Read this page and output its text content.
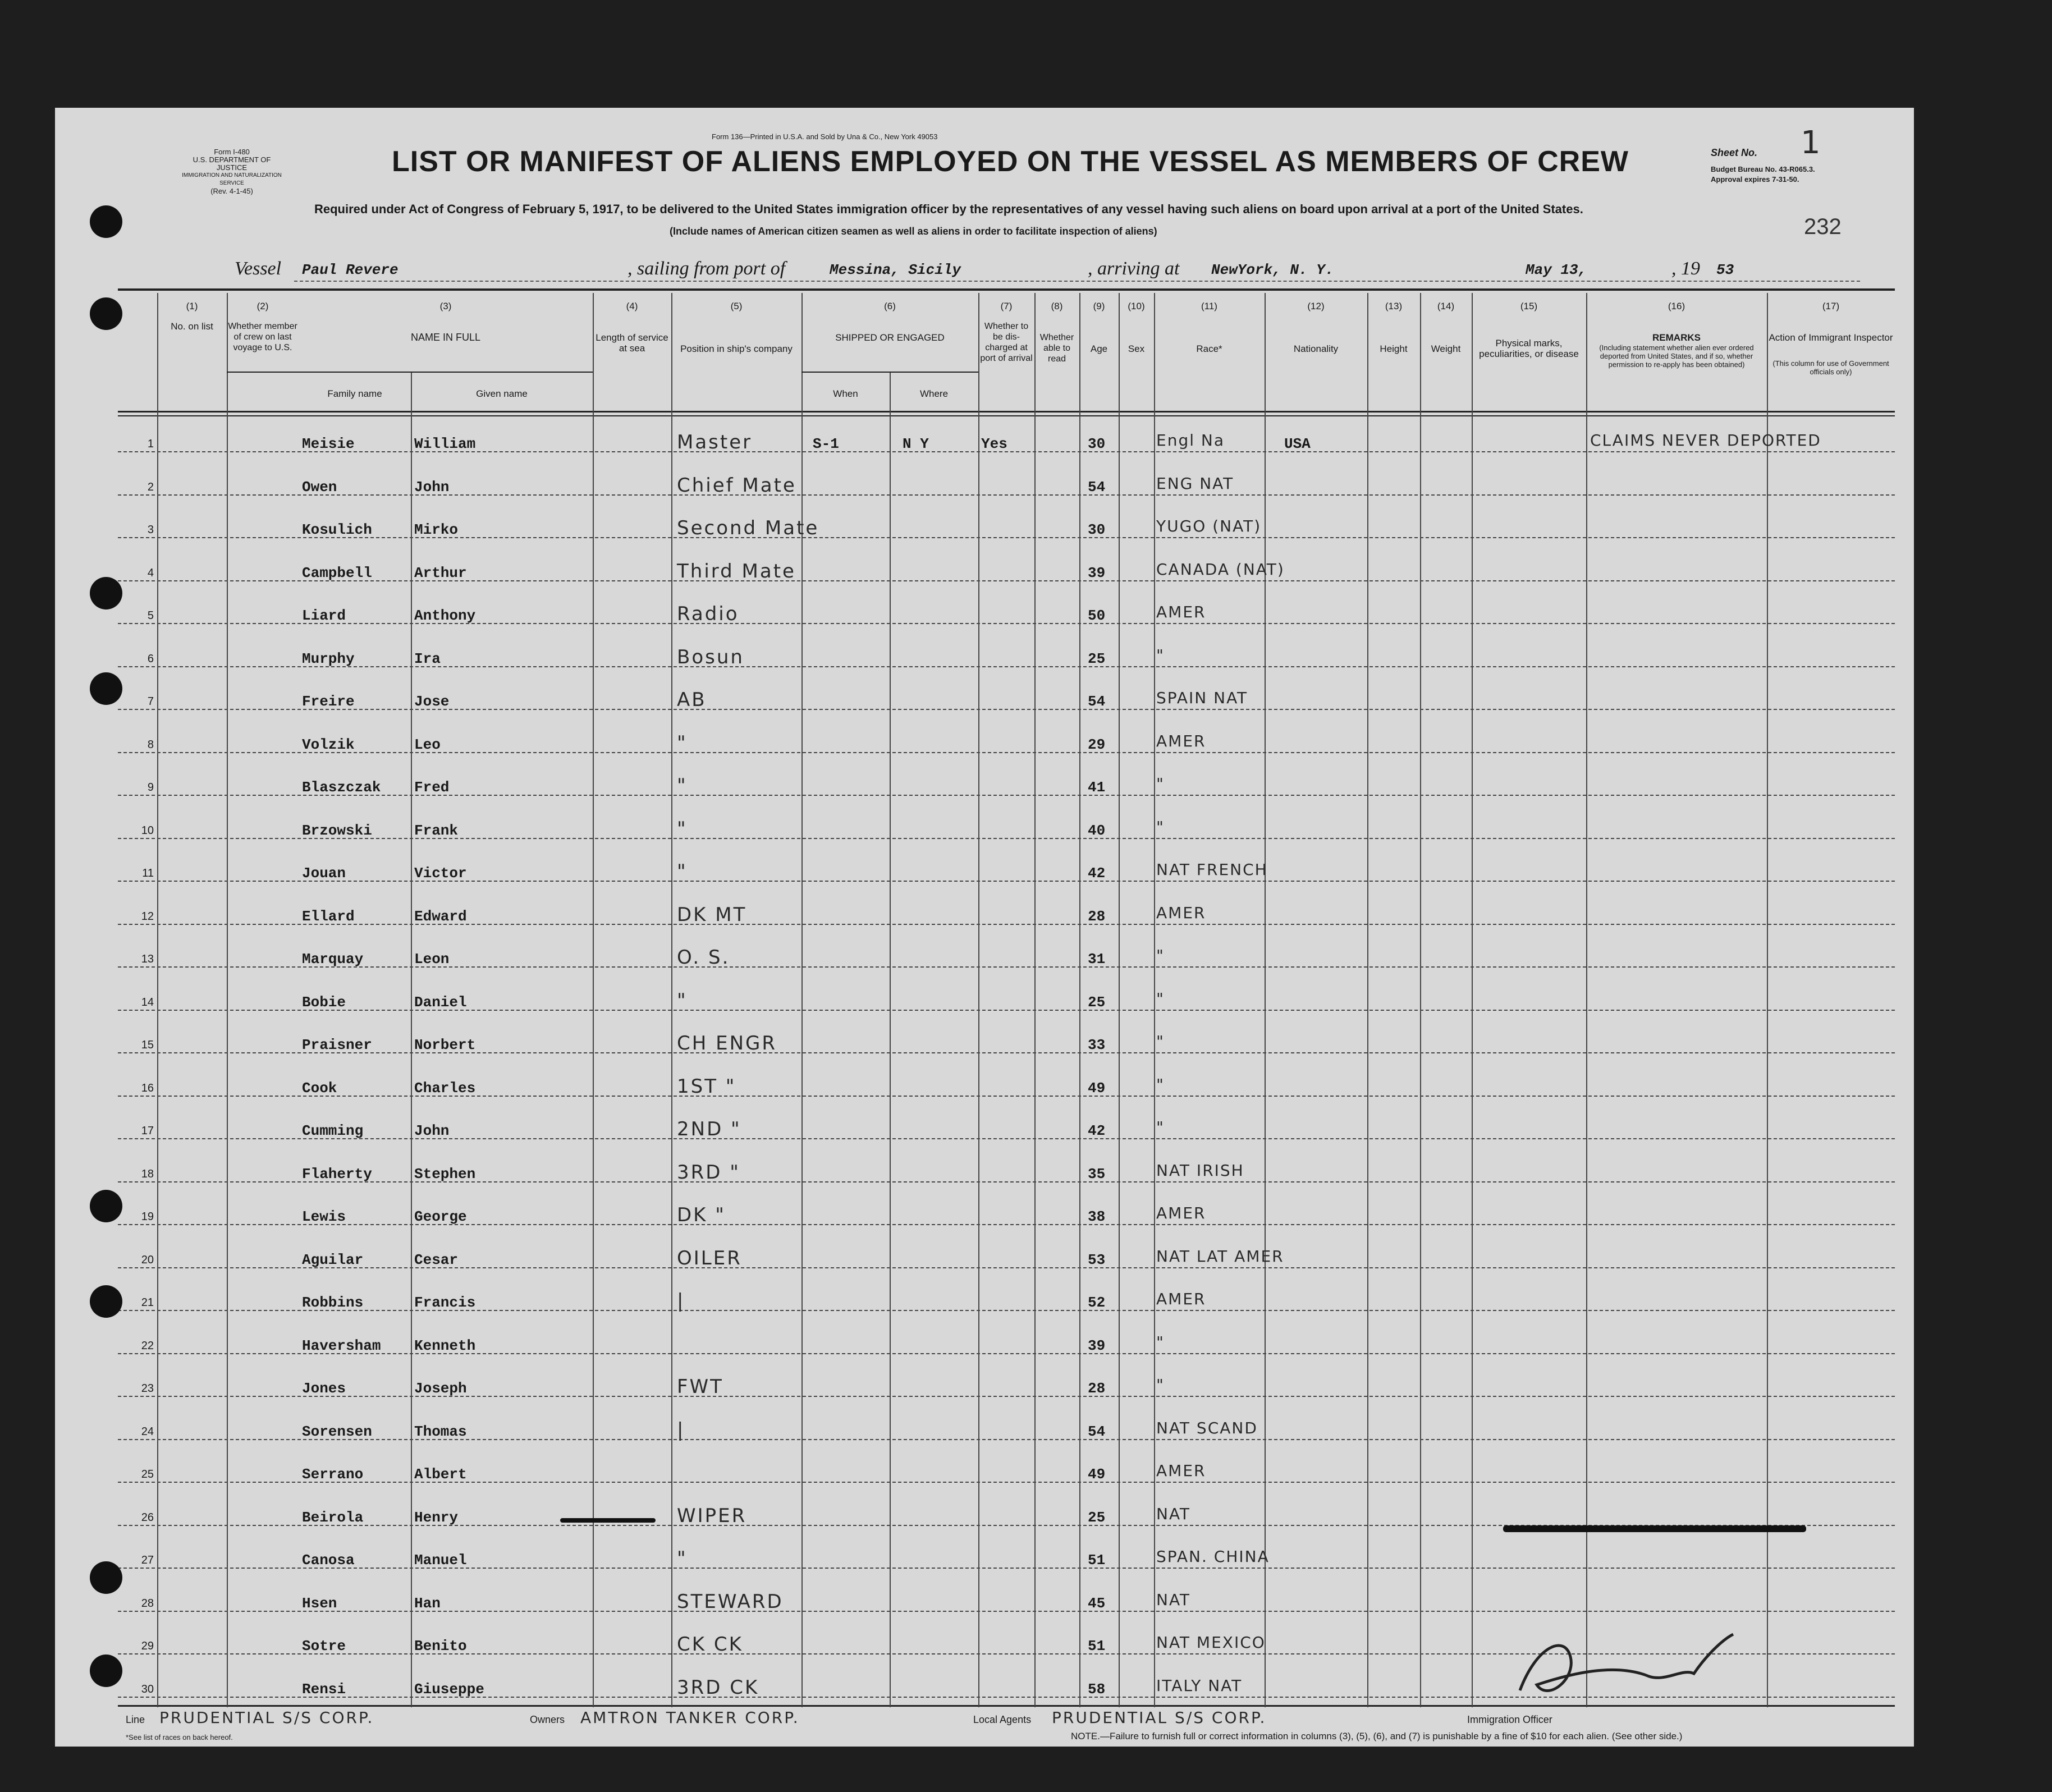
Form I-480
U.S. DEPARTMENT OF JUSTICE
IMMIGRATION AND NATURALIZATION SERVICE
(Rev. 4-1-45)
Form 136—Printed in U.S.A. and Sold by Una & Co., New York 49053
LIST OR MANIFEST OF ALIENS EMPLOYED ON THE VESSEL AS MEMBERS OF CREW
Required under Act of Congress of February 5, 1917, to be delivered to the United States immigration officer by the representatives of any vessel having such aliens on board upon arrival at a port of the United States.
(Include names of American citizen seamen as well as aliens in order to facilitate inspection of aliens)
Sheet No. 1
Budget Bureau No. 43-R065.3.
Approval expires 7-31-50.
232
Vessel Paul Revere	, sailing from port of	Messina, Sicily	, arriving at NewYork, N. Y.	May 13,	, 19 53
(1)	(2)	(3)	(4)	(5)	(6)	(7)	(8)	(9)	(10)	(11)	(12)	(13)	(14)	(15)	(16)	(17)
No. on list	Whether member of crew on last voyage to U.S.
NAME IN FULL
Family name	Given name
Length of service at sea	Position in ship's company
SHIPPED OR ENGAGED
When	Where
Whether to be dis-charged at port of arrival
Whether able to read
Age	Sex	Race*	Nationality	Height	Weight
Physical marks, peculiarities, or disease
REMARKS
(Including statement whether alien ever ordered deported from United States, and if so, whether permission to re-apply has been obtained)
Action of Immigrant Inspector
(This column for use of Government officials only)
1	Meisie	William	Master	S-1	N Y	Yes	30	Engl Na	USA	CLAIMS NEVER DEPORTED
2	Owen	John	Chief Mate	54	ENG NAT
3	Kosulich	Mirko	Second Mate	30	YUGO (NAT)
4	Campbell	Arthur	Third Mate	39	CANADA (NAT)
5	Liard	Anthony	Radio	50	AMER
6	Murphy	Ira	Bosun	25	"
7	Freire	Jose	AB	54	SPAIN NAT
8	Volzik	Leo	"	29	AMER
9	Blaszczak Fred	"	41	"
10	Brzowski	Frank	"	40	"
11	Jouan	Victor	"	42	NAT FRENCH
12	Ellard	Edward	DK MT	28	AMER
13	Marquay	Leon	O. S.	31	"
14	Bobie	Daniel	"	25	"
15	Praisner	Norbert	CH ENGR	33	"
16	Cook	Charles	1ST "	49	"
17	Cumming	John	2ND "	42	"
18	Flaherty	Stephen	3RD "	35	NAT IRISH
19	Lewis	George	DK "	38	AMER
20	Aguilar	Cesar	OILER	53	NAT LAT AMER
21	Robbins	Francis	|	52	AMER
22	Haversham Kenneth	39	"
23	Jones	Joseph	FWT	28	"
24	Sorensen	Thomas	|	54	NAT SCAND
25	Serrano	Albert	49	AMER
26	Beirola	Henry	WIPER	25	NAT
27	Canosa	Manuel	"	51	SPAN. CHINA
28	Hsen	Han	STEWARD	45	NAT
29	Sotre	Benito	CK CK	51	NAT MEXICO
30	Rensi	Giuseppe	3RD CK	58	ITALY NAT
Line PRUDENTIAL S/S CORP.	Owners AMTRON TANKER CORP.	Local Agents PRUDENTIAL S/S CORP.	Immigration Officer
*See list of races on back hereof.	NOTE.—Failure to furnish full or correct information in columns (3), (5), (6), and (7) is punishable by a fine of $10 for each alien. (See other side.)
